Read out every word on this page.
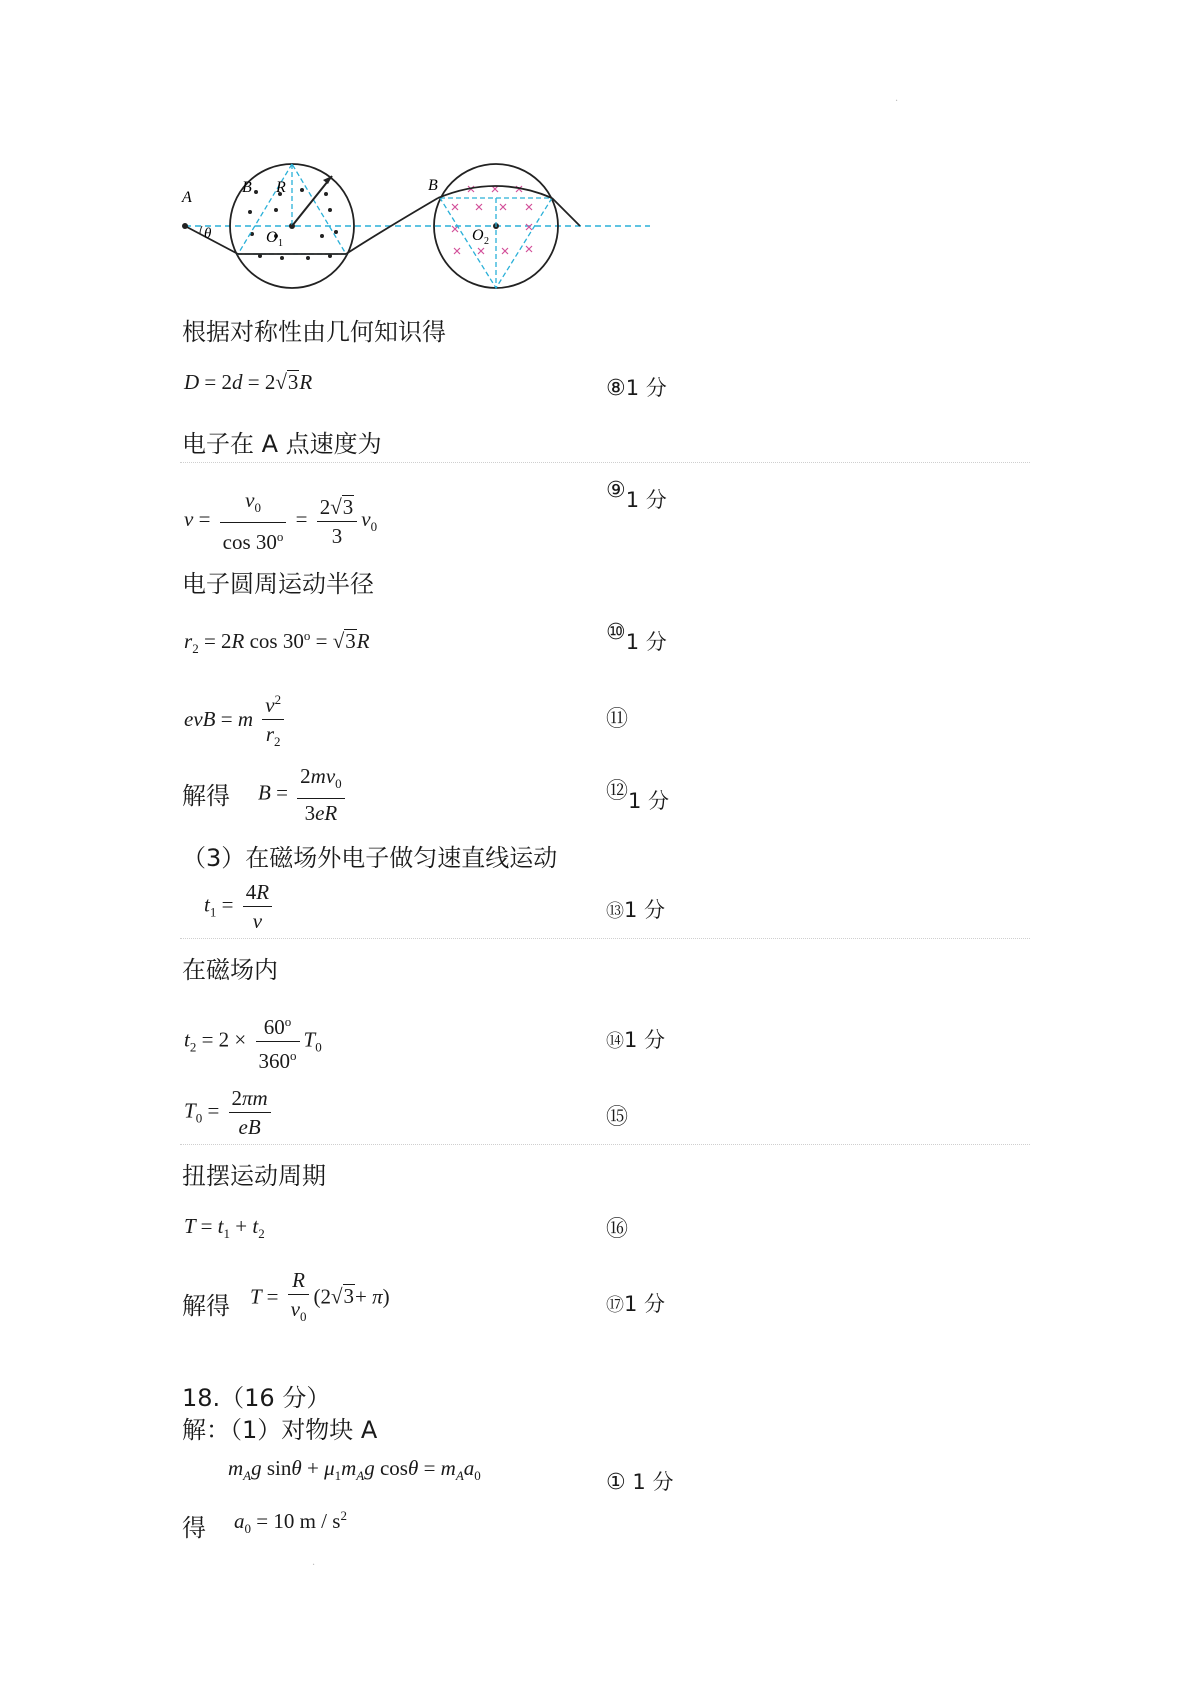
·
A
θ
B R
O 1
B
O 2
根据对称性由几何知识得
D = 2d = 2√3R	⑧1 分
电子在 A 点速度为
$v = \frac{v_0}{\cos 30^o} = \frac{2√3}{3} v_0$
⑨1 分
电子圆周运动半径
$r_2 = 2R$ $\cos 30^o = √3R$	⑩1 分
evB = m $\frac{v^2}{r_2}$	⑪
解得 $B = \frac{2mv_0}{3eR}$	⑫1 分
（3）在磁场外电子做匀速直线运动
$t_1 = \frac{4R}{v}$	⑬1 分
在磁场内
$t_2 = 2 \times \frac{60^o}{360^o} T_0$	⑭1 分
$T_0 = \frac{2\pi m}{eB}$	⑮
扭摆运动周期
$T = t_1 + t_2$	⑯
解得 $T = \frac{R}{v_0} (2√3+ \pi)$	⑰1 分
18.（16 分）
解：（1）对物块 A
$m_Ag$ $\sin\theta + \mu_1m_Ag$ $\cos\theta = m_Aa_0$	① 1 分
得 $a_0 = 10$ m / $s^2$
·
